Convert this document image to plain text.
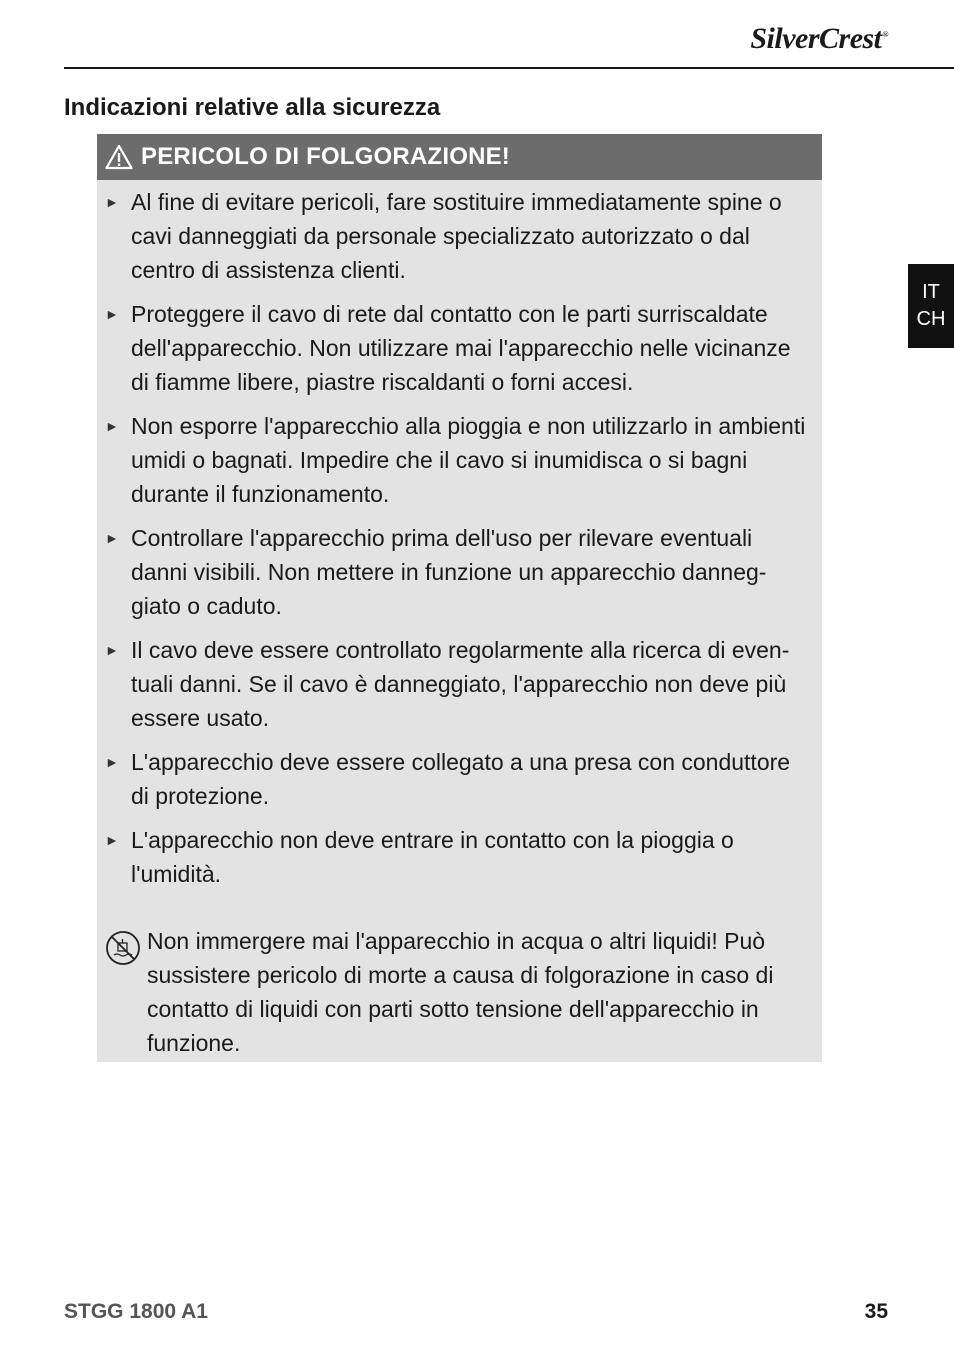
SilverCrest®
Indicazioni relative alla sicurezza
IT
CH
PERICOLO DI FOLGORAZIONE!
► Al fine di evitare pericoli, fare sostituire immediatamente spine o cavi danneggiati da personale specializzato autorizzato o dal centro di assistenza clienti.
► Proteggere il cavo di rete dal contatto con le parti surriscaldate dell'apparecchio. Non utilizzare mai l'apparecchio nelle vicinanze di fiamme libere, piastre riscaldanti o forni accesi.
► Non esporre l'apparecchio alla pioggia e non utilizzarlo in ambienti umidi o bagnati. Impedire che il cavo si inumidisca o si bagni durante il funzionamento.
► Controllare l'apparecchio prima dell'uso per rilevare eventuali danni visibili. Non mettere in funzione un apparecchio danneg-giato o caduto.
► Il cavo deve essere controllato regolarmente alla ricerca di even-tuali danni. Se il cavo è danneggiato, l'apparecchio non deve più essere usato.
► L'apparecchio deve essere collegato a una presa con conduttore di protezione.
► L'apparecchio non deve entrare in contatto con la pioggia o l'umidità.

Non immergere mai l'apparecchio in acqua o altri liquidi! Può sussistere pericolo di morte a causa di folgorazione in caso di contatto di liquidi con parti sotto tensione dell'apparecchio in funzione.

STGG 1800 A1	35
